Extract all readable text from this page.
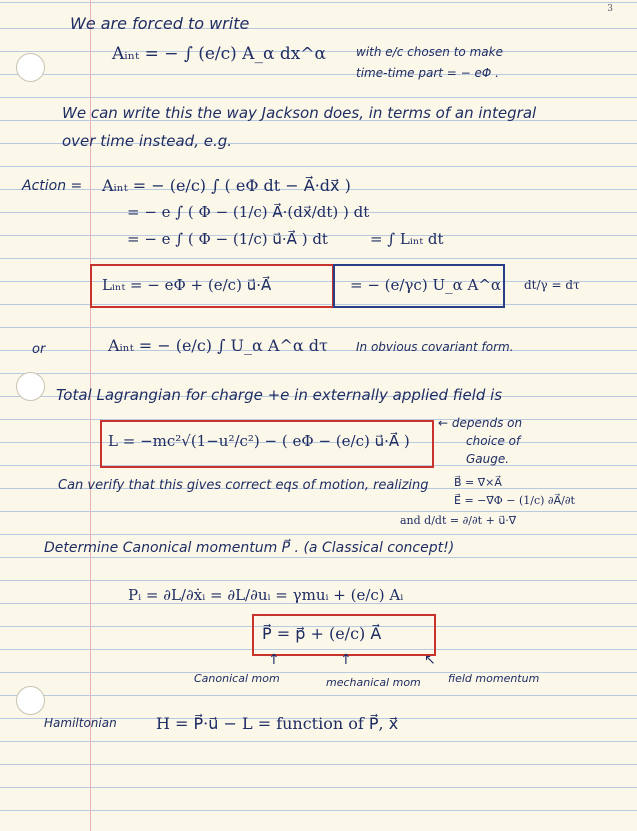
3
We are forced to write
Aᵢₙₜ = − ∫ (e/c) A_α dx^α with e/c chosen to make
time-time part = − eΦ .
We can write this the way Jackson does, in terms of an integral
over time instead, e.g.
Action = Aᵢₙₜ = − (e/c) ∫ ( eΦ dt − A⃗·dx⃗ )
= − e ∫ ( Φ − (1/c) A⃗·(dx⃗/dt) ) dt
= − e ∫ ( Φ − (1/c) u⃗·A⃗ ) dt	= ∫ Lᵢₙₜ dt
Lᵢₙₜ = − eΦ + (e/c) u⃗·A⃗	= − (e/γc) U_α A^α dt/γ = dτ
or	Aᵢₙₜ = − (e/c) ∫ U_α A^α dτ In obvious covariant form.
Total Lagrangian for charge +e in externally applied field is
L = −mc²√(1−u²/c²) − ( eΦ − (e/c) u⃗·A⃗ )
← depends on
choice of
Gauge.
Can verify that this gives correct eqs of motion, realizing B⃗ = ∇⃗×A⃗
E⃗ = −∇⃗Φ − (1/c) ∂A⃗/∂t
and d/dt = ∂/∂t + u⃗·∇⃗
Determine Canonical momentum P⃗ . (a Classical concept!)
Pᵢ = ∂L/∂ẋᵢ = ∂L/∂uᵢ = γmuᵢ + (e/c) Aᵢ
P⃗ = p⃗ + (e/c) A⃗
↑	↑	↖
Canonical mom	mechanical mom field momentum
Hamiltonian H = P⃗·u⃗ − L = function of P⃗, x⃗
